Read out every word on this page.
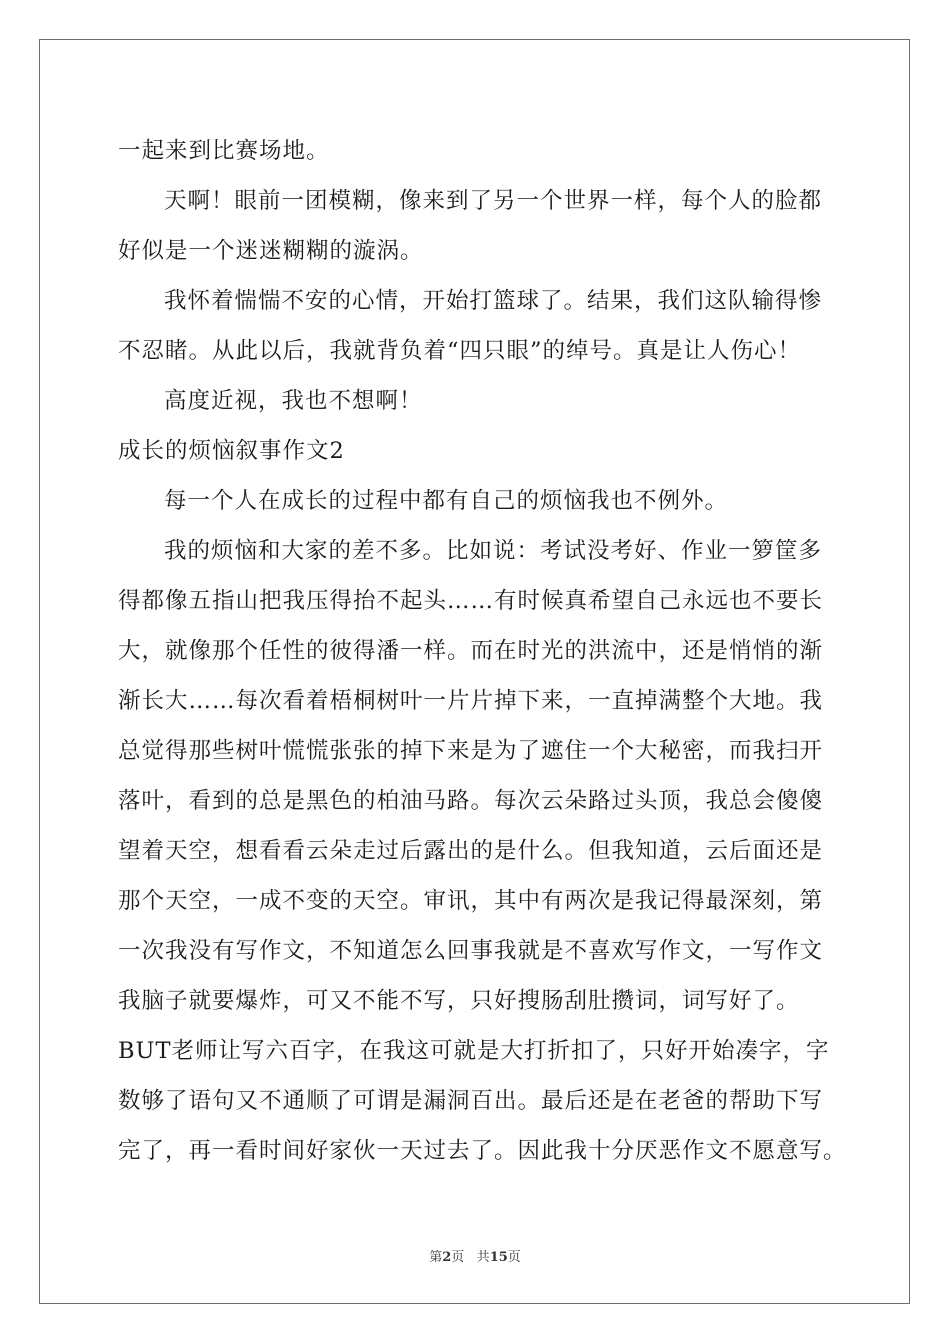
一起来到比赛场地。
天啊！眼前一团模糊，像来到了另一个世界一样，每个人的脸都
好似是一个迷迷糊糊的漩涡。
我怀着惴惴不安的心情，开始打篮球了。结果，我们这队输得惨
不忍睹。从此以后，我就背负着“四只眼”的绰号。真是让人伤心！
高度近视，我也不想啊！
成长的烦恼叙事作文2
每一个人在成长的过程中都有自己的烦恼我也不例外。
我的烦恼和大家的差不多。比如说：考试没考好、作业一箩筐多
得都像五指山把我压得抬不起头……有时候真希望自己永远也不要长
大，就像那个任性的彼得潘一样。而在时光的洪流中，还是悄悄的渐
渐长大……每次看着梧桐树叶一片片掉下来，一直掉满整个大地。我
总觉得那些树叶慌慌张张的掉下来是为了遮住一个大秘密，而我扫开
落叶，看到的总是黑色的柏油马路。每次云朵路过头顶，我总会傻傻
望着天空，想看看云朵走过后露出的是什么。但我知道，云后面还是
那个天空，一成不变的天空。审讯，其中有两次是我记得最深刻，第
一次我没有写作文，不知道怎么回事我就是不喜欢写作文，一写作文
我脑子就要爆炸，可又不能不写，只好搜肠刮肚攒词，词写好了。
BUT老师让写六百字，在我这可就是大打折扣了，只好开始凑字，字
数够了语句又不通顺了可谓是漏洞百出。最后还是在老爸的帮助下写
完了，再一看时间好家伙一天过去了。因此我十分厌恶作文不愿意写。
第2页 共15页
